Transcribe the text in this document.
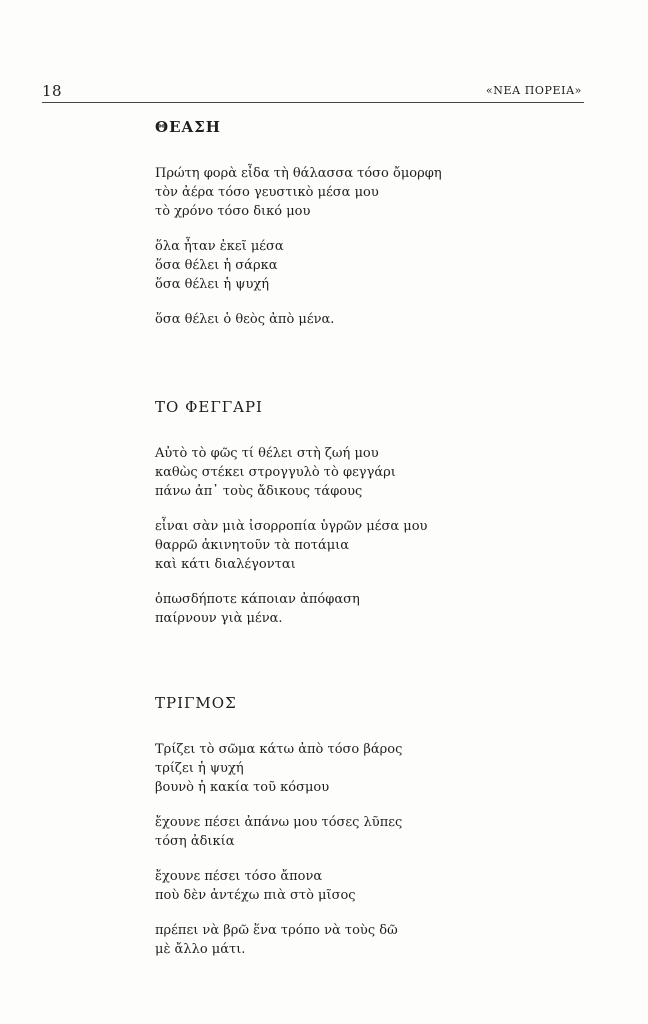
18	«ΝΕΑ ΠΟΡΕΙΑ»
ΘΕΑΣΗ
Πρώτη φορὰ εἶδα τὴ θάλασσα τόσο ὄμορφη
τὸν ἀέρα τόσο γευστικὸ μέσα μου
τὸ χρόνο τόσο δικό μου
ὅλα ἦταν ἐκεῖ μέσα
ὅσα θέλει ἡ σάρκα
ὅσα θέλει ἡ ψυχή
ὅσα θέλει ὁ θεὸς ἀπὸ μένα.
ΤΟ ΦΕΓΓΑΡΙ
Αὐτὸ τὸ φῶς τί θέλει στὴ ζωή μου
καθὼς στέκει στρογγυλὸ τὸ φεγγάρι
πάνω ἀπ᾽ τοὺς ἄδικους τάφους
εἶναι σὰν μιὰ ἰσορροπία ὑγρῶν μέσα μου
θαρρῶ ἀκινητοῦν τὰ ποτάμια
καὶ κάτι διαλέγονται
ὁπωσδήποτε κάποιαν ἀπόφαση
παίρνουν γιὰ μένα.
ΤΡΙΓΜΟΣ
Τρίζει τὸ σῶμα κάτω ἀπὸ τόσο βάρος
τρίζει ἡ ψυχή
βουνὸ ἡ κακία τοῦ κόσμου
ἔχουνε πέσει ἀπάνω μου τόσες λῦπες
τόση ἀδικία
ἔχουνε πέσει τόσο ἄπονα
ποὺ δὲν ἀντέχω πιὰ στὸ μῖσος
πρέπει νὰ βρῶ ἕνα τρόπο νὰ τοὺς δῶ
μὲ ἄλλο μάτι.
